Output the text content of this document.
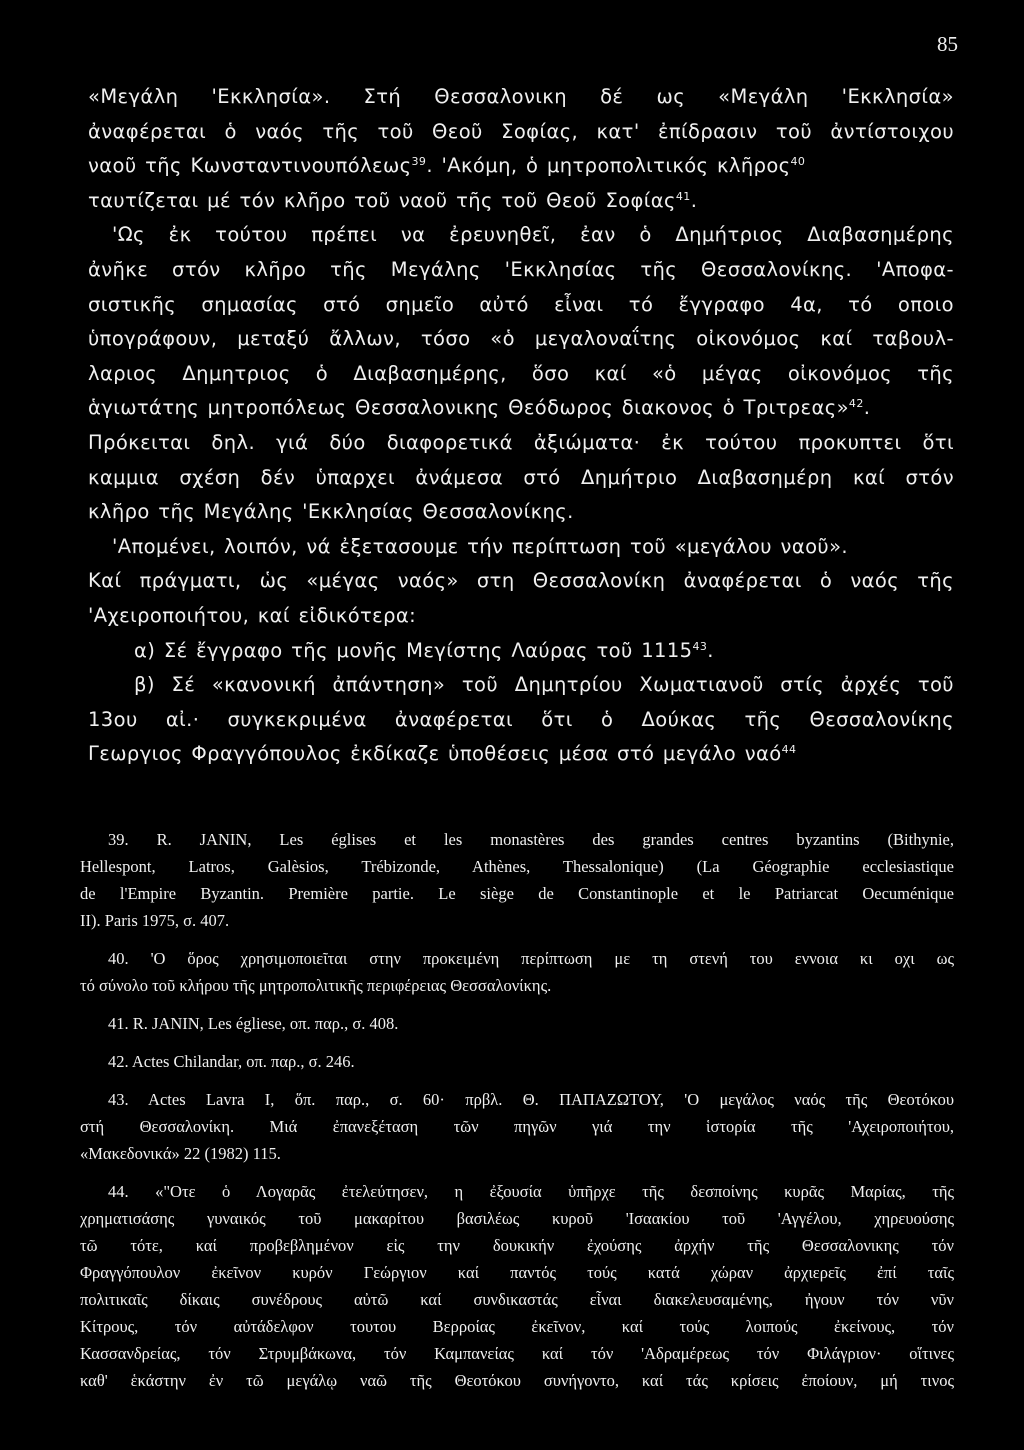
85
«Μεγάλη 'Εκκλησία». Στή Θεσσαλονικη δέ ως «Μεγάλη 'Εκκλησία»
ἀναφέρεται ὁ ναός τῆς τοῦ Θεοῦ Σοφίας, κατ' ἐπίδρασιν τοῦ ἀντίστοιχου
ναοῦ τῆς Κωνσταντινουπόλεως$^{39}$. 'Ακόμη, ὁ μητροπολιτικός κλῆρος$^{40}$
ταυτίζεται μέ τόν κλῆρο τοῦ ναοῦ τῆς τοῦ Θεοῦ Σοφίας$^{41}$.
'Ως ἐκ τούτου πρέπει να ἐρευνηθεῖ, ἐαν ὁ Δημήτριος Διαβασημέρης
ἀνῆκε στόν κλῆρο τῆς Μεγάλης 'Εκκλησίας τῆς Θεσσαλονίκης. 'Αποφα-
σιστικῆς σημασίας στό σημεῖο αὐτό εἶναι τό ἔγγραφο 4α, τό οποιο
ὑπογράφουν, μεταξύ ἄλλων, τόσο «ὁ μεγαλοναΐτης οἰκονόμος καί ταβουλ-
λαριος Δημητριος ὁ Διαβασημέρης, ὅσο καί «ὁ μέγας οἰκονόμος τῆς
ἁγιωτάτης μητροπόλεως Θεσσαλονικης Θεόδωρος διακονος ὁ Τριτρεας»$^{42}$.
Πρόκειται δηλ. γιά δύο διαφορετικά ἀξιώματα· ἐκ τούτου προκυπτει ὅτι
καμμια σχέση δέν ὑπαρχει ἀνάμεσα στό Δημήτριο Διαβασημέρη καί στόν
κλῆρο τῆς Μεγάλης 'Εκκλησίας Θεσσαλονίκης.
'Απομένει, λοιπόν, νά ἐξετασουμε τήν περίπτωση τοῦ «μεγάλου ναοῦ».
Καί πράγματι, ὡς «μέγας ναός» στη Θεσσαλονίκη ἀναφέρεται ὁ ναός τῆς
'Αχειροποιήτου, καί εἰδικότερα:
α) Σέ ἔγγραφο τῆς μονῆς Μεγίστης Λαύρας τοῦ 1115$^{43}$.
β) Σέ «κανονική ἀπάντηση» τοῦ Δημητρίου Χωματιανοῦ στίς ἀρχές τοῦ
13ου αἰ.· συγκεκριμένα ἀναφέρεται ὅτι ὁ Δούκας τῆς Θεσσαλονίκης
Γεωργιος Φραγγόπουλος ἐκδίκαζε ὑποθέσεις μέσα στό μεγάλο ναό$^{44}$
39. R. JANIN, Les églises et les monastères des grandes centres byzantins (Bithynie,
Hellespont, Latros, Galèsios, Trébizonde, Athènes, Thessalonique) (La Géographie ecclesiastique
de l'Empire Byzantin. Première partie. Le siège de Constantinople et le Patriarcat Oecuménique
II). Paris 1975, σ. 407.
40. 'Ο ὅρος χρησιμοποιεῖται στην προκειμένη περίπτωση με τη στενή του εννοια κι οχι ως
τό σύνολο τοῦ κλήρου τῆς μητροπολιτικῆς περιφέρειας Θεσσαλονίκης.
41. R. JANIN, Les égliese, οπ. παρ., σ. 408.
42. Actes Chilandar, οπ. παρ., σ. 246.
43. Actes Lavra I, ὅπ. παρ., σ. 60· πρβλ. Θ. ΠΑΠΑΖΩΤΟΥ, 'Ο μεγάλος ναός τῆς Θεοτόκου
στή Θεσσαλονίκη. Μιά ἐπανεξέταση τῶν πηγῶν γιά την ἱστορία τῆς 'Αχειροποιήτου,
«Μακεδονικά» 22 (1982) 115.
44. «"Οτε ὁ Λογαρᾶς ἐτελεύτησεν, η ἐξουσία ὑπῆρχε τῆς δεσποίνης κυρᾶς Μαρίας, τῆς
χρηματισάσης γυναικός τοῦ μακαρίτου βασιλέως κυροῦ 'Ισαακίου τοῦ 'Αγγέλου, χηρευούσης
τῶ τότε, καί προβεβλημένον εἰς την δουκικήν ἐχούσης ἀρχήν τῆς Θεσσαλονικης τόν
Φραγγόπουλον ἐκεῖνον κυρόν Γεώργιον καί παντός τούς κατά χώραν ἀρχιερεῖς ἐπί ταῖς
πολιτικαῖς δίκαις συνέδρους αὐτῶ καί συνδικαστάς εἶναι διακελευσαμένης, ἠγουν τόν νῦν
Κίτρους, τόν αὐτάδελφον τουτου Βερροίας ἐκεῖνον, καί τούς λοιπούς ἐκείνους, τόν
Κασσανδρείας, τόν Στρυμβάκωνα, τόν Καμπανείας καί τόν 'Αδραμέρεως τόν Φιλάγριον· οἵτινες
καθ' ἑκάστην ἐν τῶ μεγάλῳ ναῶ τῆς Θεοτόκου συνήγοντο, καί τάς κρίσεις ἐποίουν, μή τινος
